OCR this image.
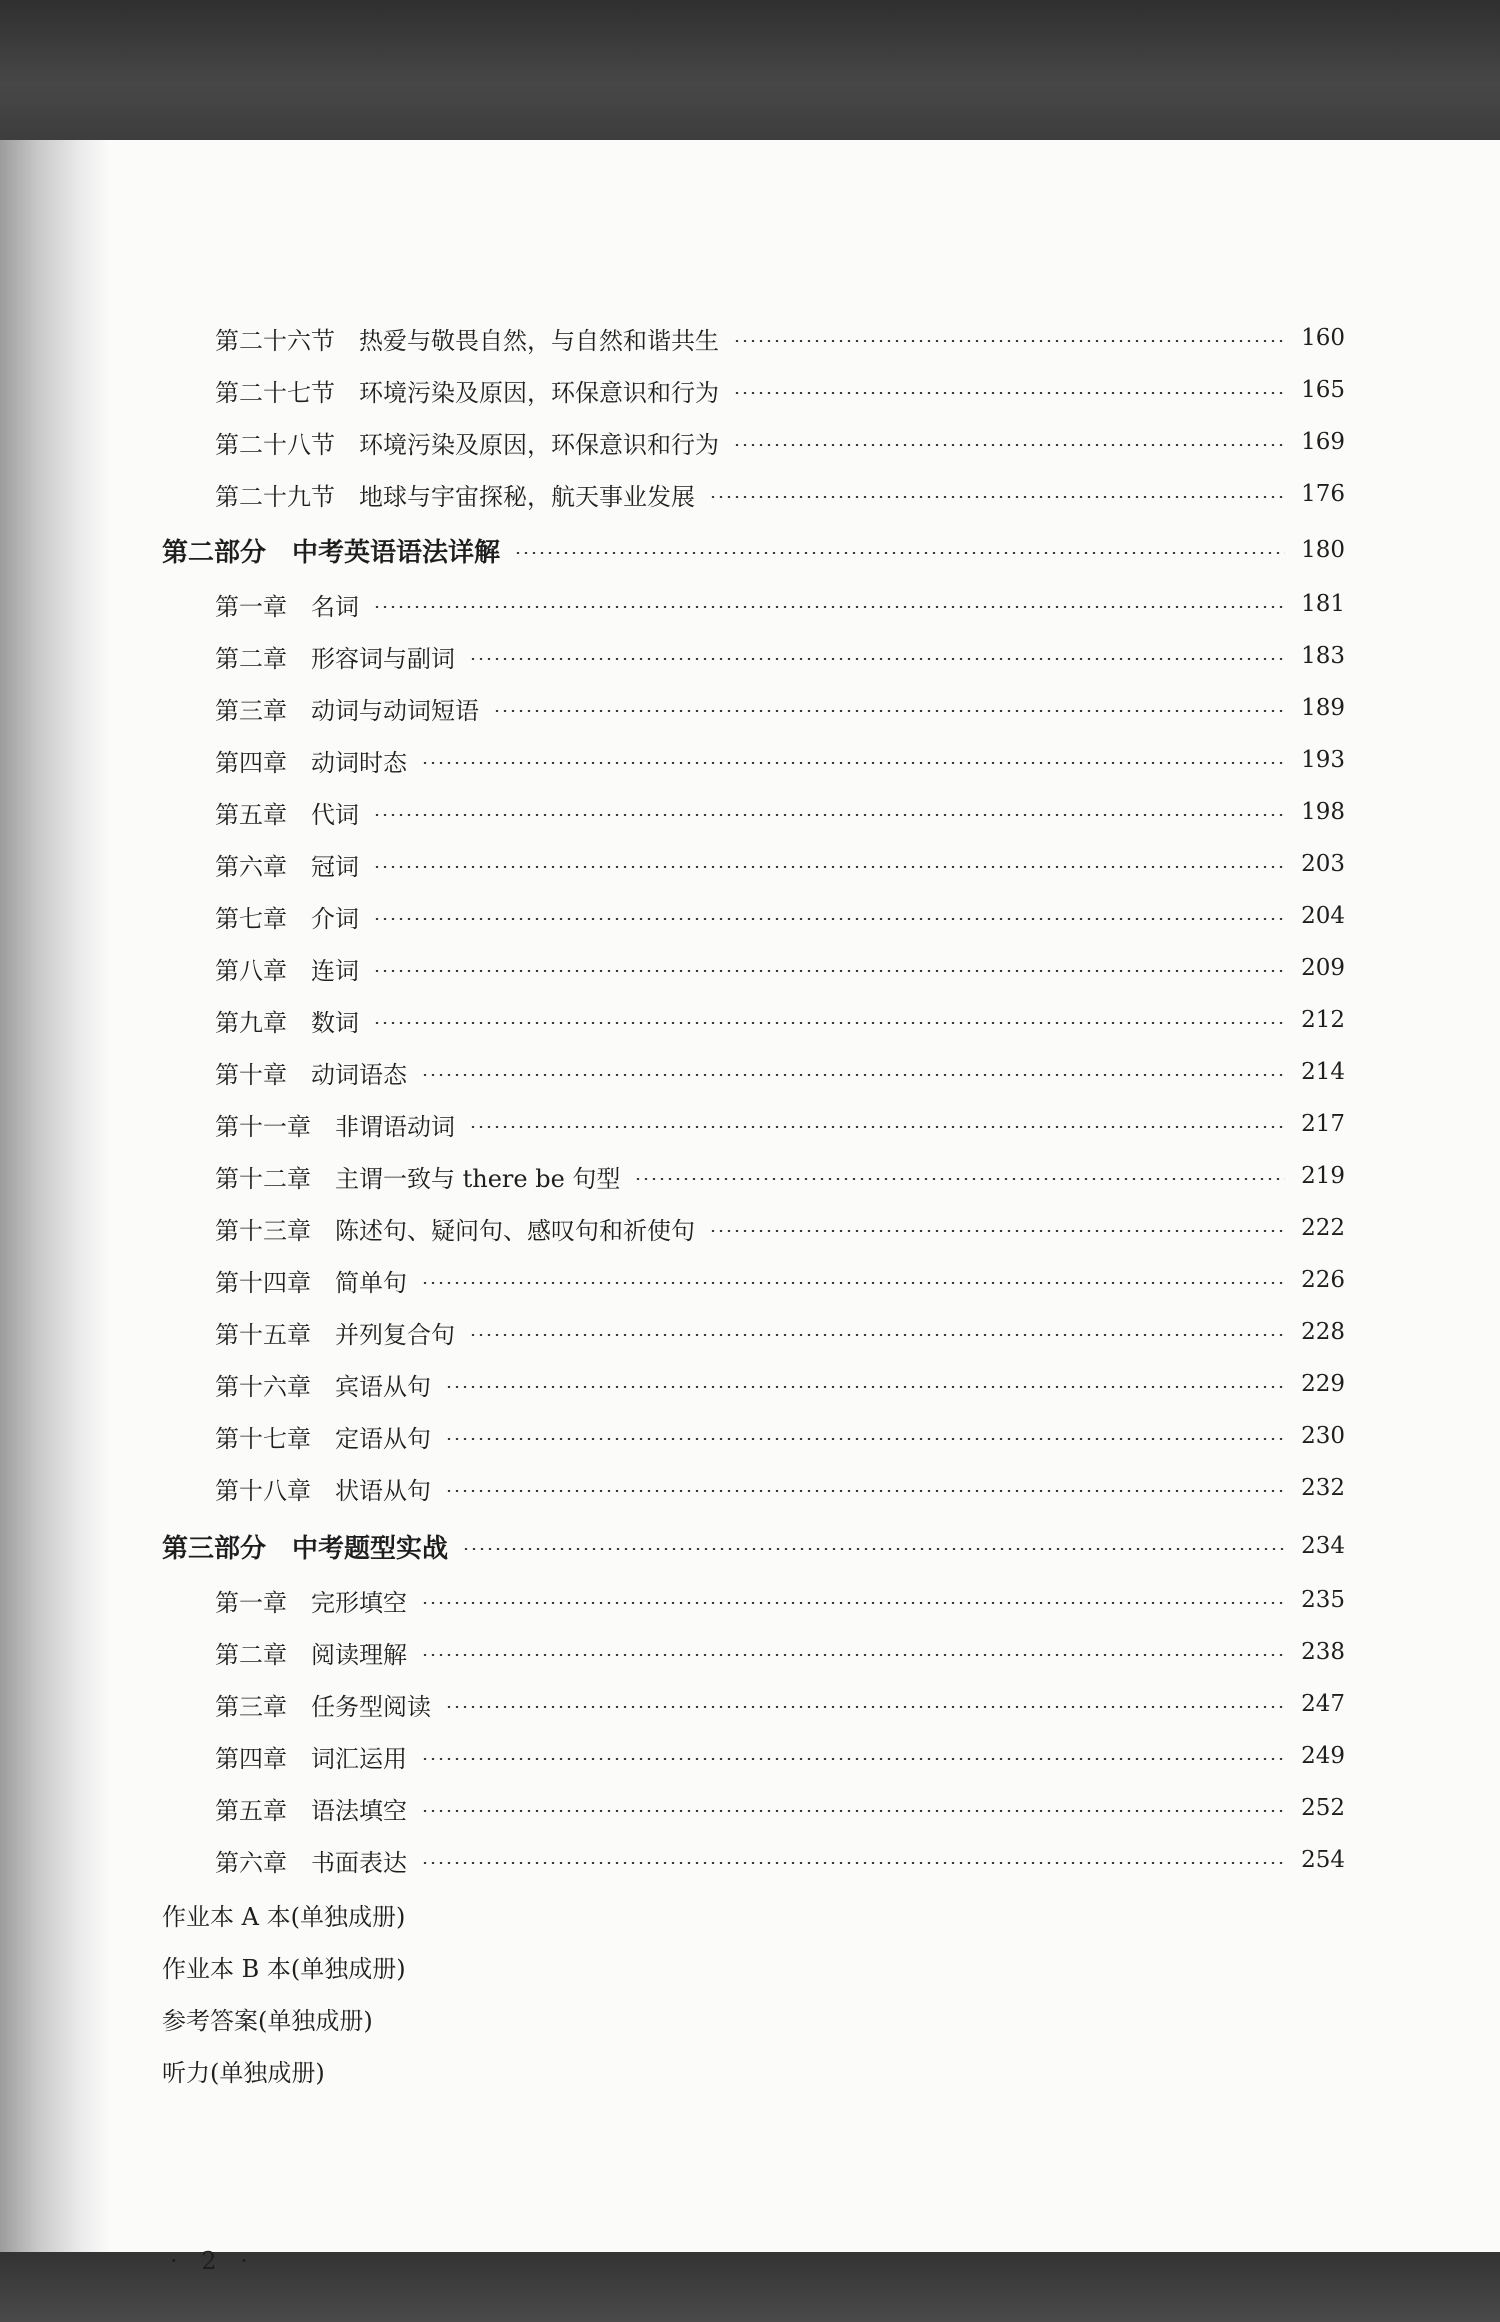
第二十六节 热爱与敬畏自然，与自然和谐共生	160
第二十七节 环境污染及原因，环保意识和行为	165
第二十八节 环境污染及原因，环保意识和行为	169
第二十九节 地球与宇宙探秘，航天事业发展	176
第二部分 中考英语语法详解	180
第一章 名词	181
第二章 形容词与副词	183
第三章 动词与动词短语	189
第四章 动词时态	193
第五章 代词	198
第六章 冠词	203
第七章 介词	204
第八章 连词	209
第九章 数词	212
第十章 动词语态	214
第十一章 非谓语动词	217
第十二章 主谓一致与 there be 句型	219
第十三章 陈述句、疑问句、感叹句和祈使句	222
第十四章 简单句	226
第十五章 并列复合句	228
第十六章 宾语从句	229
第十七章 定语从句	230
第十八章 状语从句	232
第三部分 中考题型实战	234
第一章 完形填空	235
第二章 阅读理解	238
第三章 任务型阅读	247
第四章 词汇运用	249
第五章 语法填空	252
第六章 书面表达	254
作业本 A 本(单独成册)
作业本 B 本(单独成册)
参考答案(单独成册)
听力(单独成册)
· 2 ·
